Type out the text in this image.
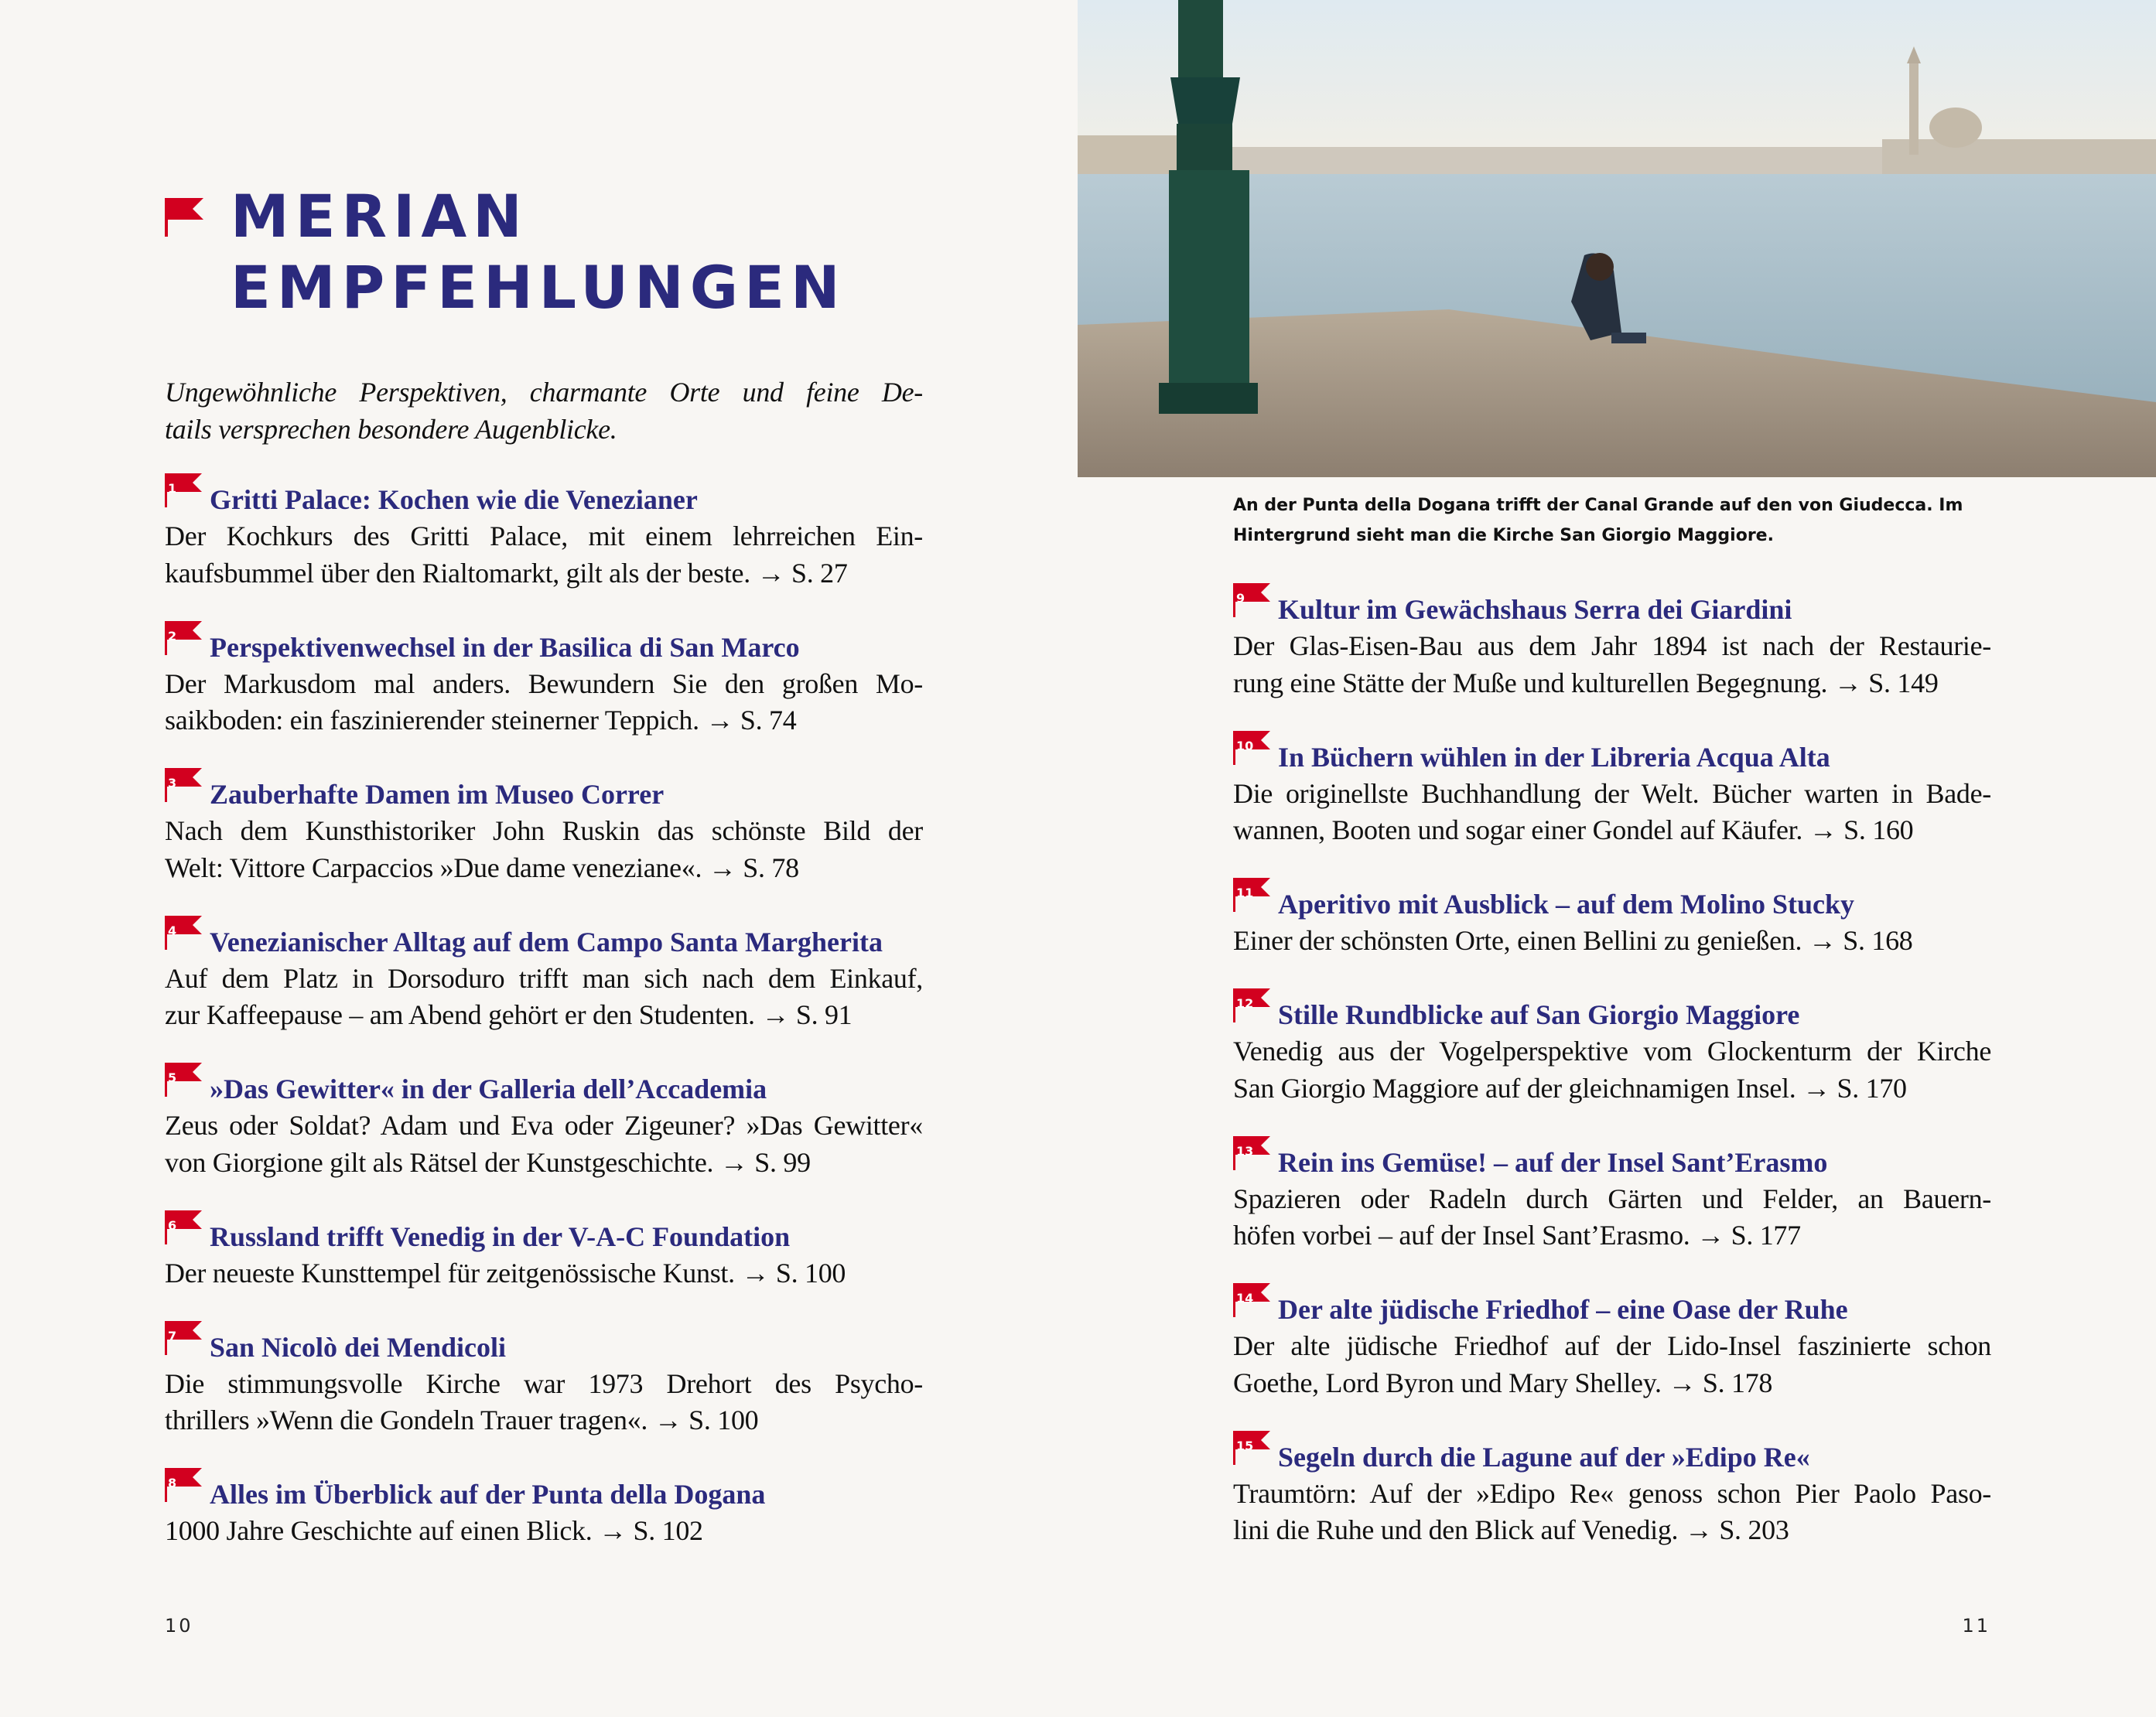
MERIAN
EMPFEHLUNGEN
Ungewöhnliche Perspektiven, charmante Orte und feine De-
tails versprechen besondere Augenblicke.
1	Gritti Palace: Kochen wie die Venezianer
Der Kochkurs des Gritti Palace, mit einem lehrreichen Ein-
kaufsbummel über den Rialtomarkt, gilt als der beste. → S. 27
2	Perspektivenwechsel in der Basilica di San Marco
Der Markusdom mal anders. Bewundern Sie den großen Mo-
saikboden: ein faszinierender steinerner Teppich. → S. 74
3	Zauberhafte Damen im Museo Correr
Nach dem Kunsthistoriker John Ruskin das schönste Bild der
Welt: Vittore Carpaccios »Due dame veneziane«. → S. 78
4	Venezianischer Alltag auf dem Campo Santa Margherita
Auf dem Platz in Dorsoduro trifft man sich nach dem Einkauf,
zur Kaffeepause – am Abend gehört er den Studenten. → S. 91
5	»Das Gewitter« in der Galleria dell’Accademia
Zeus oder Soldat? Adam und Eva oder Zigeuner? »Das Gewitter«
von Giorgione gilt als Rätsel der Kunstgeschichte. → S. 99
6	Russland trifft Venedig in der V-A-C Foundation
Der neueste Kunsttempel für zeitgenössische Kunst. → S. 100
7	San Nicolò dei Mendicoli
Die stimmungsvolle Kirche war 1973 Drehort des Psycho-
thrillers »Wenn die Gondeln Trauer tragen«. → S. 100
8	Alles im Überblick auf der Punta della Dogana
1000 Jahre Geschichte auf einen Blick. → S. 102
10
An der Punta della Dogana trifft der Canal Grande auf den von Giudecca. Im
Hintergrund sieht man die Kirche San Giorgio Maggiore.
9	Kultur im Gewächshaus Serra dei Giardini
Der Glas-Eisen-Bau aus dem Jahr 1894 ist nach der Restaurie-
rung eine Stätte der Muße und kulturellen Begegnung. → S. 149
10 In Büchern wühlen in der Libreria Acqua Alta
Die originellste Buchhandlung der Welt. Bücher warten in Bade-
wannen, Booten und sogar einer Gondel auf Käufer. → S. 160
11 Aperitivo mit Ausblick – auf dem Molino Stucky
Einer der schönsten Orte, einen Bellini zu genießen. → S. 168
12 Stille Rundblicke auf San Giorgio Maggiore
Venedig aus der Vogelperspektive vom Glockenturm der Kirche
San Giorgio Maggiore auf der gleichnamigen Insel. → S. 170
13 Rein ins Gemüse! – auf der Insel Sant’Erasmo
Spazieren oder Radeln durch Gärten und Felder, an Bauern-
höfen vorbei – auf der Insel Sant’Erasmo. → S. 177
14 Der alte jüdische Friedhof – eine Oase der Ruhe
Der alte jüdische Friedhof auf der Lido-Insel faszinierte schon
Goethe, Lord Byron und Mary Shelley. → S. 178
15 Segeln durch die Lagune auf der »Edipo Re«
Traumtörn: Auf der »Edipo Re« genoss schon Pier Paolo Paso-
lini die Ruhe und den Blick auf Venedig. → S. 203
11
